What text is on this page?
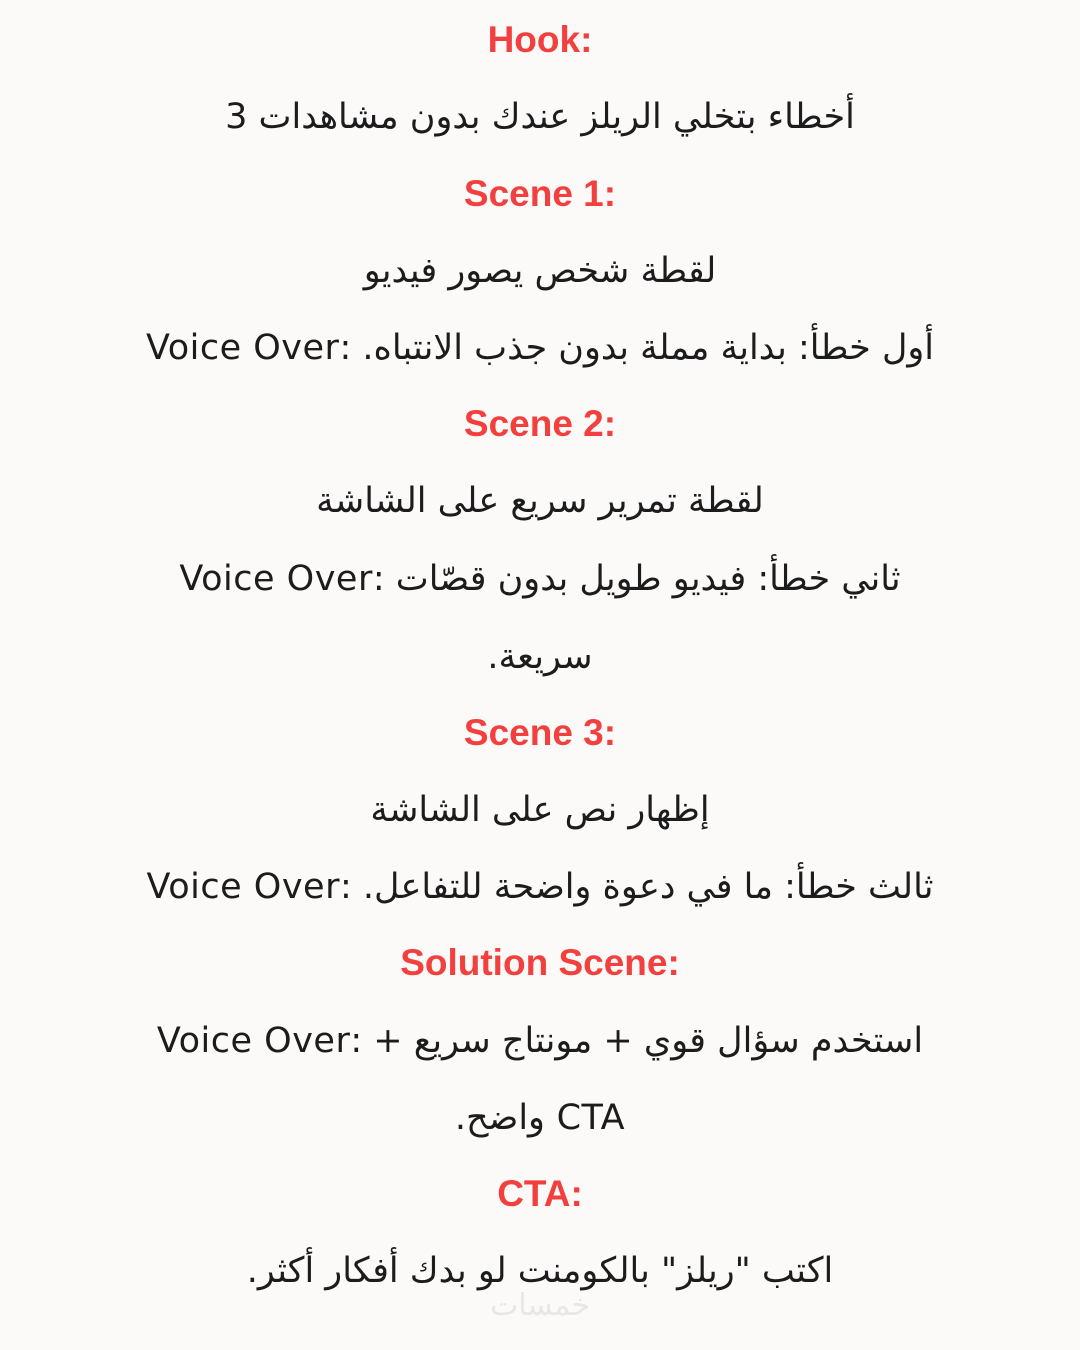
Hook:
أخطاء بتخلي الريلز عندك بدون مشاهدات 3
Scene 1:
لقطة شخص يصور فيديو
أول خطأ: بداية مملة بدون جذب الانتباه. :Voice Over
Scene 2:
لقطة تمرير سريع على الشاشة
ثاني خطأ: فيديو طويل بدون قصّات :Voice Over
سريعة.
Scene 3:
إظهار نص على الشاشة
ثالث خطأ: ما في دعوة واضحة للتفاعل. :Voice Over
Solution Scene:
استخدم سؤال قوي + مونتاج سريع + :Voice Over
CTA واضح.
CTA:
اكتب "ريلز" بالكومنت لو بدك أفكار أكثر.
خمسات
